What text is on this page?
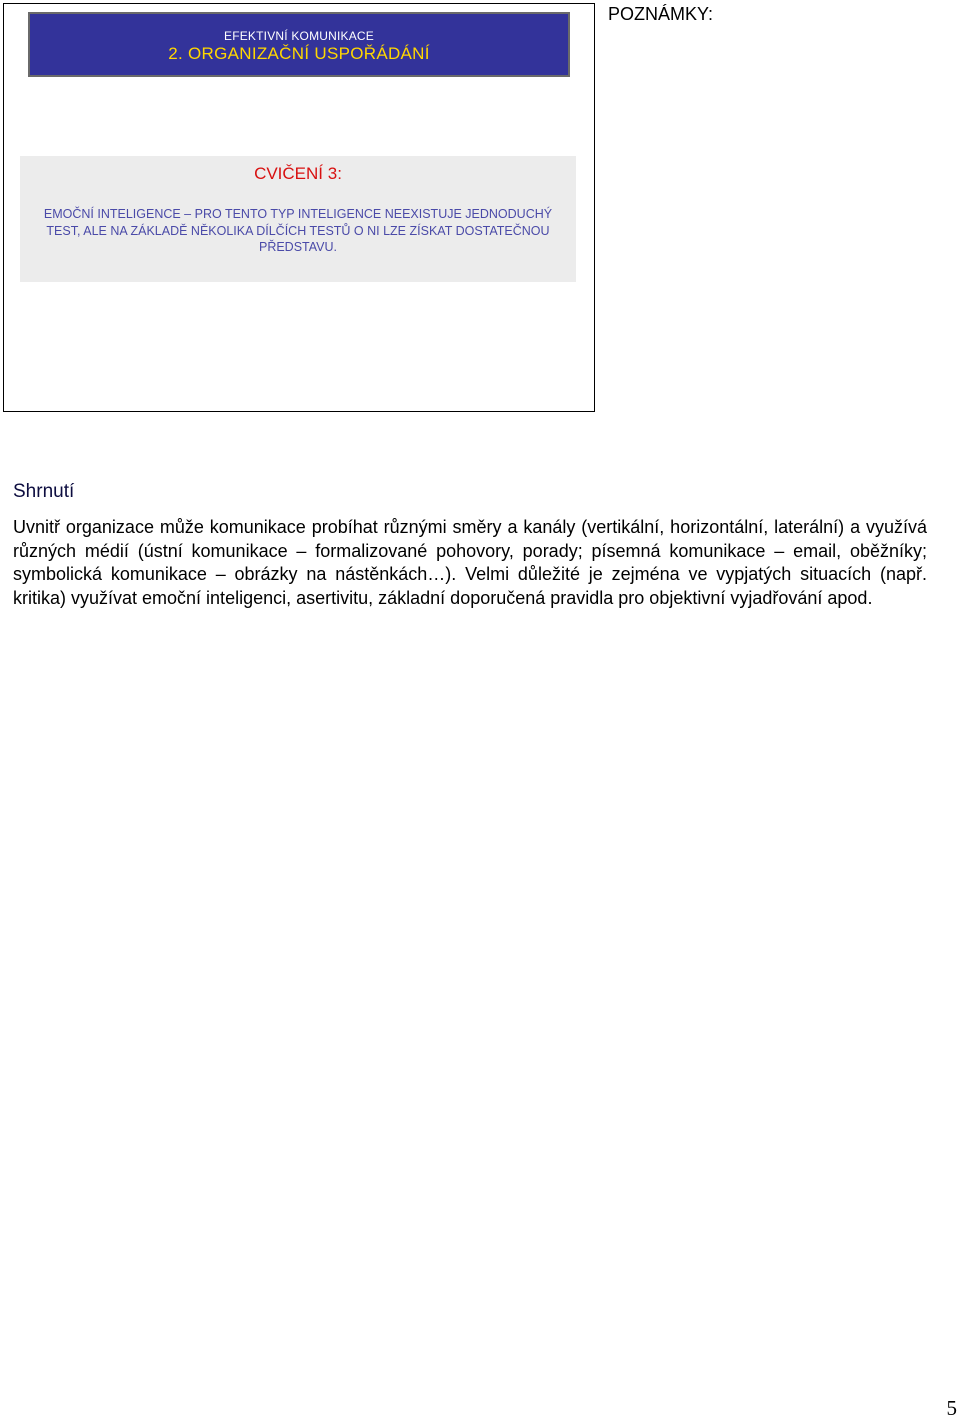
EFEKTIVNÍ KOMUNIKACE
2. ORGANIZAČNÍ USPOŘÁDÁNÍ
CVIČENÍ 3:
EMOČNÍ INTELIGENCE – PRO TENTO TYP INTELIGENCE NEEXISTUJE JEDNODUCHÝ TEST, ALE NA ZÁKLADĚ NĚKOLIKA DÍLČÍCH TESTŮ O NI LZE ZÍSKAT DOSTATEČNOU PŘEDSTAVU.
POZNÁMKY:
Shrnutí
Uvnitř organizace může komunikace probíhat různými směry a kanály (vertikální, horizontální, laterální) a využívá různých médií (ústní komunikace – formalizované pohovory, porady; písemná komunikace – email, oběžníky; symbolická komunikace – obrázky na nástěnkách…). Velmi důležité je zejména ve vypjatých situacích (např. kritika) využívat emoční inteligenci, asertivitu, základní doporučená pravidla pro objektivní vyjadřování apod.
5
